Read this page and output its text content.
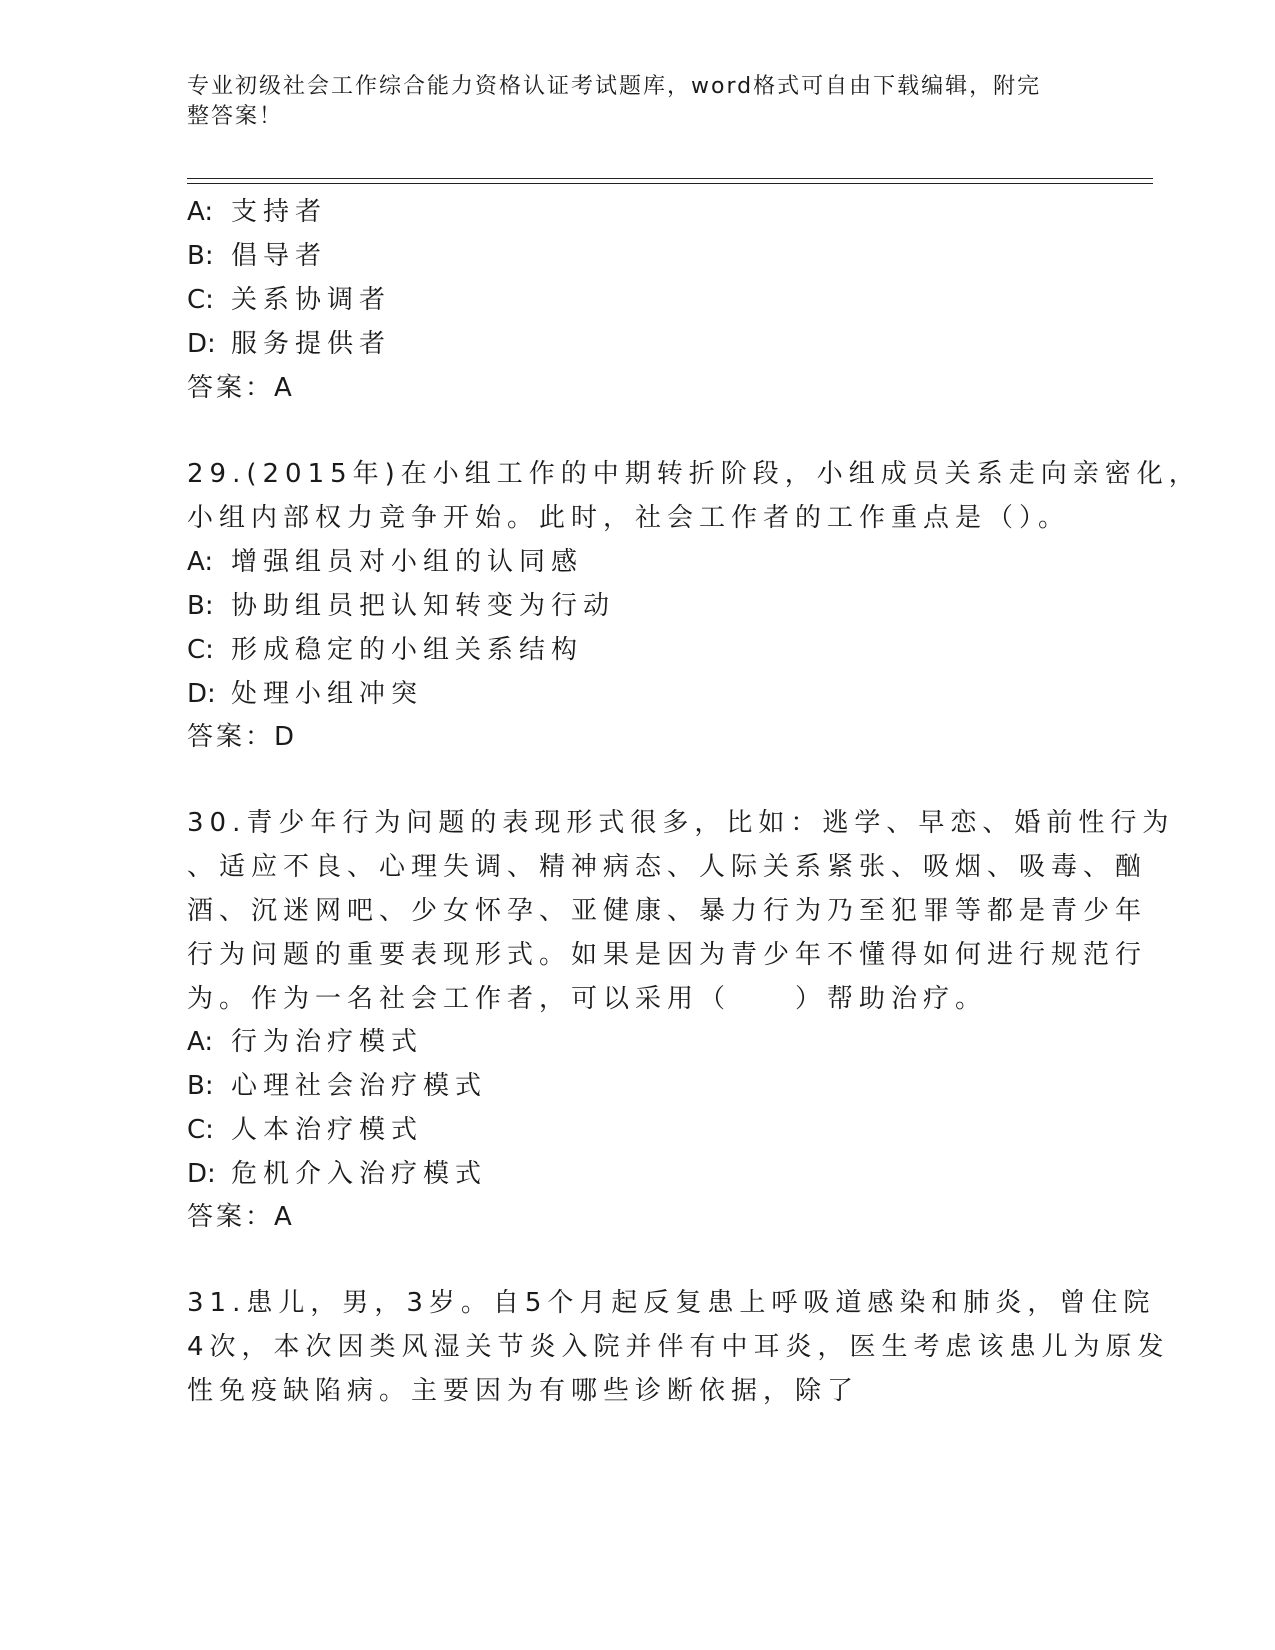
专业初级社会工作综合能力资格认证考试题库，word格式可自由下载编辑，附完
整答案！
A: 支持者
B: 倡导者
C: 关系协调者
D: 服务提供者
答案：A
29.(2015年)在小组工作的中期转折阶段，小组成员关系走向亲密化，
小组内部权力竞争开始。此时，社会工作者的工作重点是（）。
A: 增强组员对小组的认同感
B: 协助组员把认知转变为行动
C: 形成稳定的小组关系结构
D: 处理小组冲突
答案：D
30.青少年行为问题的表现形式很多，比如：逃学、早恋、婚前性行为
、适应不良、心理失调、精神病态、人际关系紧张、吸烟、吸毒、酗
酒、沉迷网吧、少女怀孕、亚健康、暴力行为乃至犯罪等都是青少年
行为问题的重要表现形式。如果是因为青少年不懂得如何进行规范行
为。作为一名社会工作者，可以采用（　　）帮助治疗。
A: 行为治疗模式
B: 心理社会治疗模式
C: 人本治疗模式
D: 危机介入治疗模式
答案：A
31.患儿，男，3岁。自5个月起反复患上呼吸道感染和肺炎，曾住院
4次，本次因类风湿关节炎入院并伴有中耳炎，医生考虑该患儿为原发
性免疫缺陷病。主要因为有哪些诊断依据，除了
